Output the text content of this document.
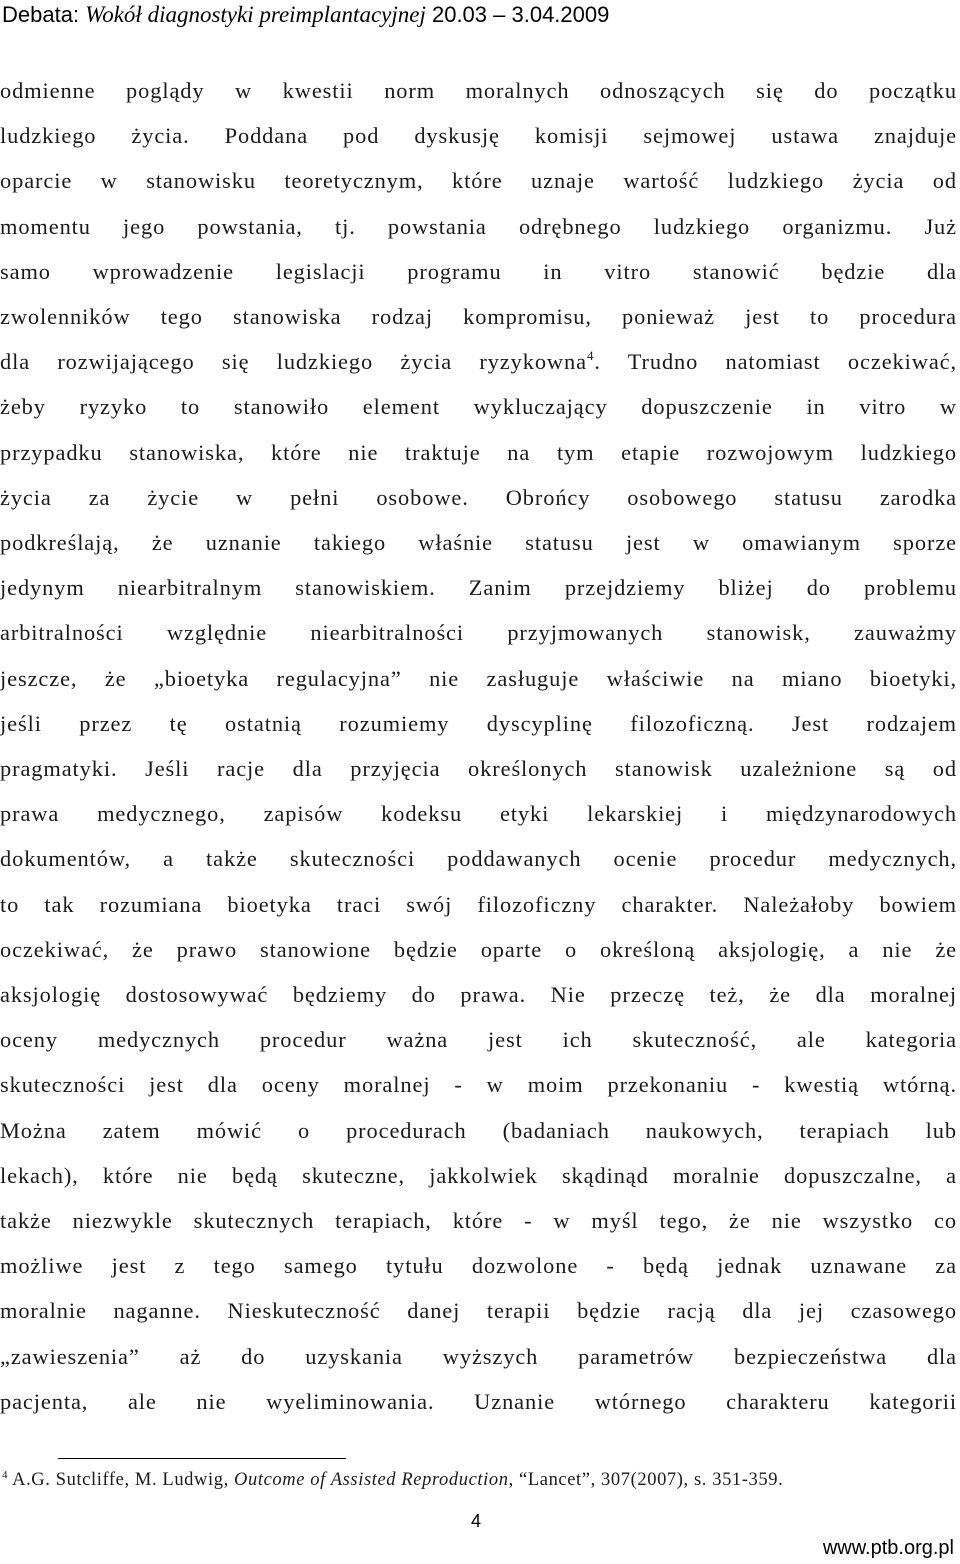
Debata: Wokół diagnostyki preimplantacyjnej 20.03 – 3.04.2009
odmienne poglądy w kwestii norm moralnych odnoszących się do początku
ludzkiego życia. Poddana pod dyskusję komisji sejmowej ustawa znajduje
oparcie w stanowisku teoretycznym, które uznaje wartość ludzkiego życia od
momentu jego powstania, tj. powstania odrębnego ludzkiego organizmu. Już
samo wprowadzenie legislacji programu in vitro stanowić będzie dla
zwolenników tego stanowiska rodzaj kompromisu, ponieważ jest to procedura
dla rozwijającego się ludzkiego życia ryzykowna$^4$. Trudno natomiast oczekiwać,
żeby ryzyko to stanowiło element wykluczający dopuszczenie in vitro w
przypadku stanowiska, które nie traktuje na tym etapie rozwojowym ludzkiego
życia za życie w pełni osobowe. Obrońcy osobowego statusu zarodka
podkreślają, że uznanie takiego właśnie statusu jest w omawianym sporze
jedynym niearbitralnym stanowiskiem. Zanim przejdziemy bliżej do problemu
arbitralności względnie niearbitralności przyjmowanych stanowisk, zauważmy
jeszcze, że „bioetyka regulacyjna” nie zasługuje właściwie na miano bioetyki,
jeśli przez tę ostatnią rozumiemy dyscyplinę filozoficzną. Jest rodzajem
pragmatyki. Jeśli racje dla przyjęcia określonych stanowisk uzależnione są od
prawa medycznego, zapisów kodeksu etyki lekarskiej i międzynarodowych
dokumentów, a także skuteczności poddawanych ocenie procedur medycznych,
to tak rozumiana bioetyka traci swój filozoficzny charakter. Należałoby bowiem
oczekiwać, że prawo stanowione będzie oparte o określoną aksjologię, a nie że
aksjologię dostosowywać będziemy do prawa. Nie przeczę też, że dla moralnej
oceny medycznych procedur ważna jest ich skuteczność, ale kategoria
skuteczności jest dla oceny moralnej - w moim przekonaniu - kwestią wtórną.
Można zatem mówić o procedurach (badaniach naukowych, terapiach lub
lekach), które nie będą skuteczne, jakkolwiek skądinąd moralnie dopuszczalne, a
także niezwykle skutecznych terapiach, które - w myśl tego, że nie wszystko co
możliwe jest z tego samego tytułu dozwolone - będą jednak uznawane za
moralnie naganne. Nieskuteczność danej terapii będzie racją dla jej czasowego
„zawieszenia” aż do uzyskania wyższych parametrów bezpieczeństwa dla
pacjenta, ale nie wyeliminowania. Uznanie wtórnego charakteru kategorii
$^4$ A.G. Sutcliffe, M. Ludwig, Outcome of Assisted Reproduction, “Lancet”, 307(2007), s. 351-359.
4
www.ptb.org.pl
